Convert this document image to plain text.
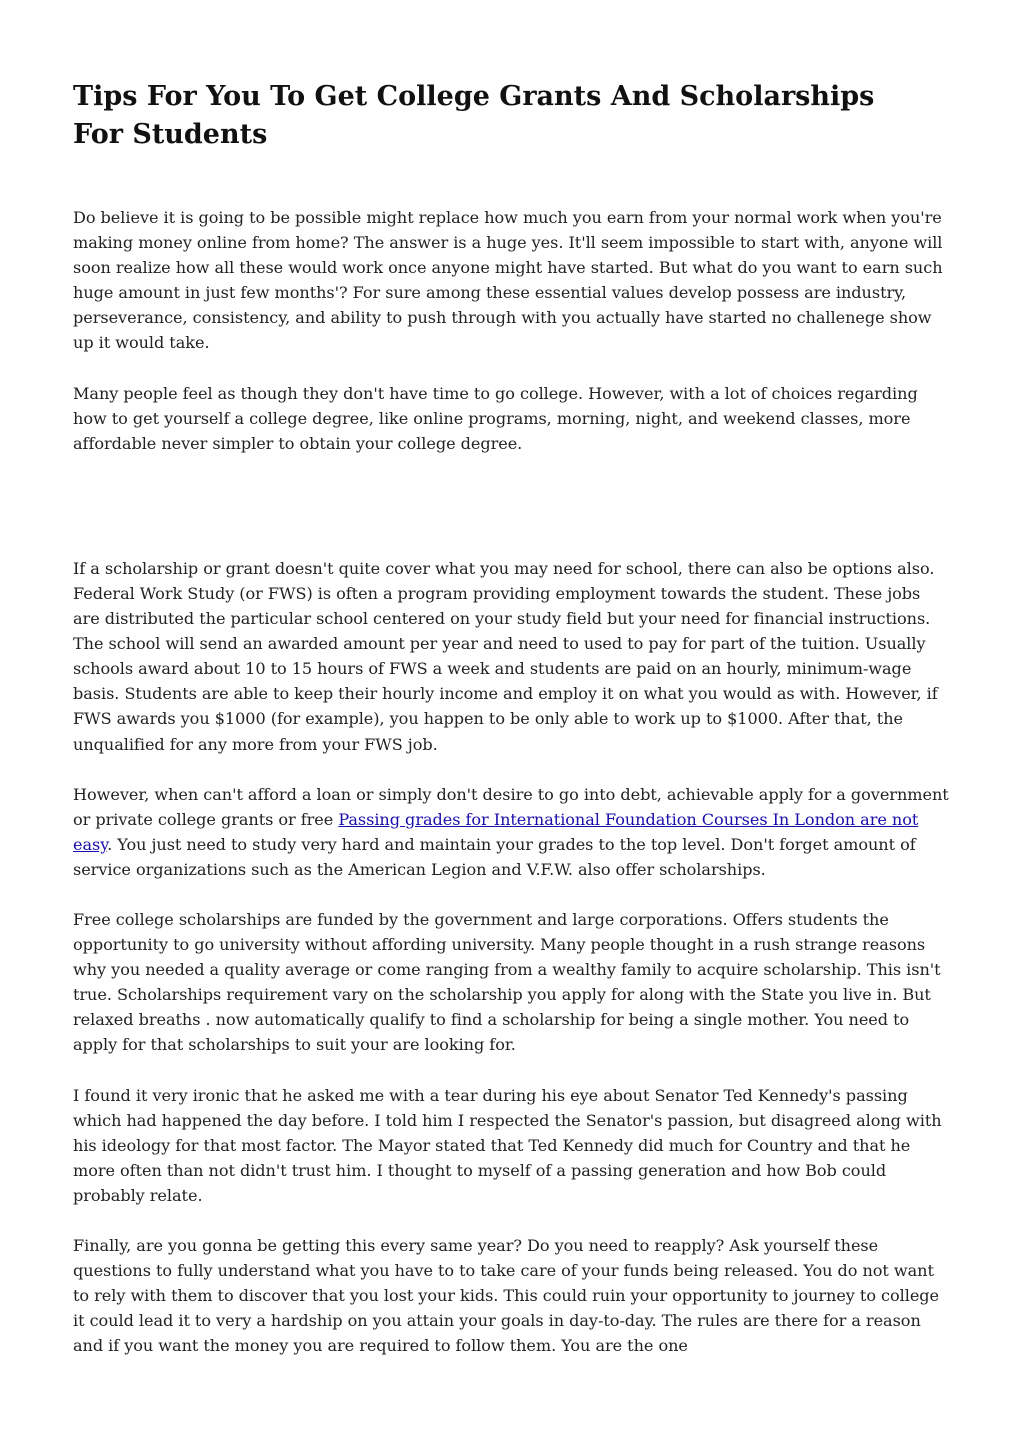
Tips For You To Get College Grants And Scholarships For Students

Do believe it is going to be possible might replace how much you earn from your normal work when you're making money online from home? The answer is a huge yes. It'll seem impossible to start with, anyone will soon realize how all these would work once anyone might have started. But what do you want to earn such huge amount in just few months'? For sure among these essential values develop possess are industry, perseverance, consistency, and ability to push through with you actually have started no challenege show up it would take.

Many people feel as though they don't have time to go college. However, with a lot of choices regarding how to get yourself a college degree, like online programs, morning, night, and weekend classes, more affordable never simpler to obtain your college degree.

If a scholarship or grant doesn't quite cover what you may need for school, there can also be options also. Federal Work Study (or FWS) is often a program providing employment towards the student. These jobs are distributed the particular school centered on your study field but your need for financial instructions. The school will send an awarded amount per year and need to used to pay for part of the tuition. Usually schools award about 10 to 15 hours of FWS a week and students are paid on an hourly, minimum-wage basis. Students are able to keep their hourly income and employ it on what you would as with. However, if FWS awards you $1000 (for example), you happen to be only able to work up to $1000. After that, the unqualified for any more from your FWS job.

However, when can't afford a loan or simply don't desire to go into debt, achievable apply for a government or private college grants or free Passing grades for International Foundation Courses In London are not easy. You just need to study very hard and maintain your grades to the top level. Don't forget amount of service organizations such as the American Legion and V.F.W. also offer scholarships.

Free college scholarships are funded by the government and large corporations. Offers students the opportunity to go university without affording university. Many people thought in a rush strange reasons why you needed a quality average or come ranging from a wealthy family to acquire scholarship. This isn't true. Scholarships requirement vary on the scholarship you apply for along with the State you live in. But relaxed breaths . now automatically qualify to find a scholarship for being a single mother. You need to apply for that scholarships to suit your are looking for.

I found it very ironic that he asked me with a tear during his eye about Senator Ted Kennedy's passing which had happened the day before. I told him I respected the Senator's passion, but disagreed along with his ideology for that most factor. The Mayor stated that Ted Kennedy did much for Country and that he more often than not didn't trust him. I thought to myself of a passing generation and how Bob could probably relate.

Finally, are you gonna be getting this every same year? Do you need to reapply? Ask yourself these questions to fully understand what you have to to take care of your funds being released. You do not want to rely with them to discover that you lost your kids. This could ruin your opportunity to journey to college it could lead it to very a hardship on you attain your goals in day-to-day. The rules are there for a reason and if you want the money you are required to follow them. You are the one
